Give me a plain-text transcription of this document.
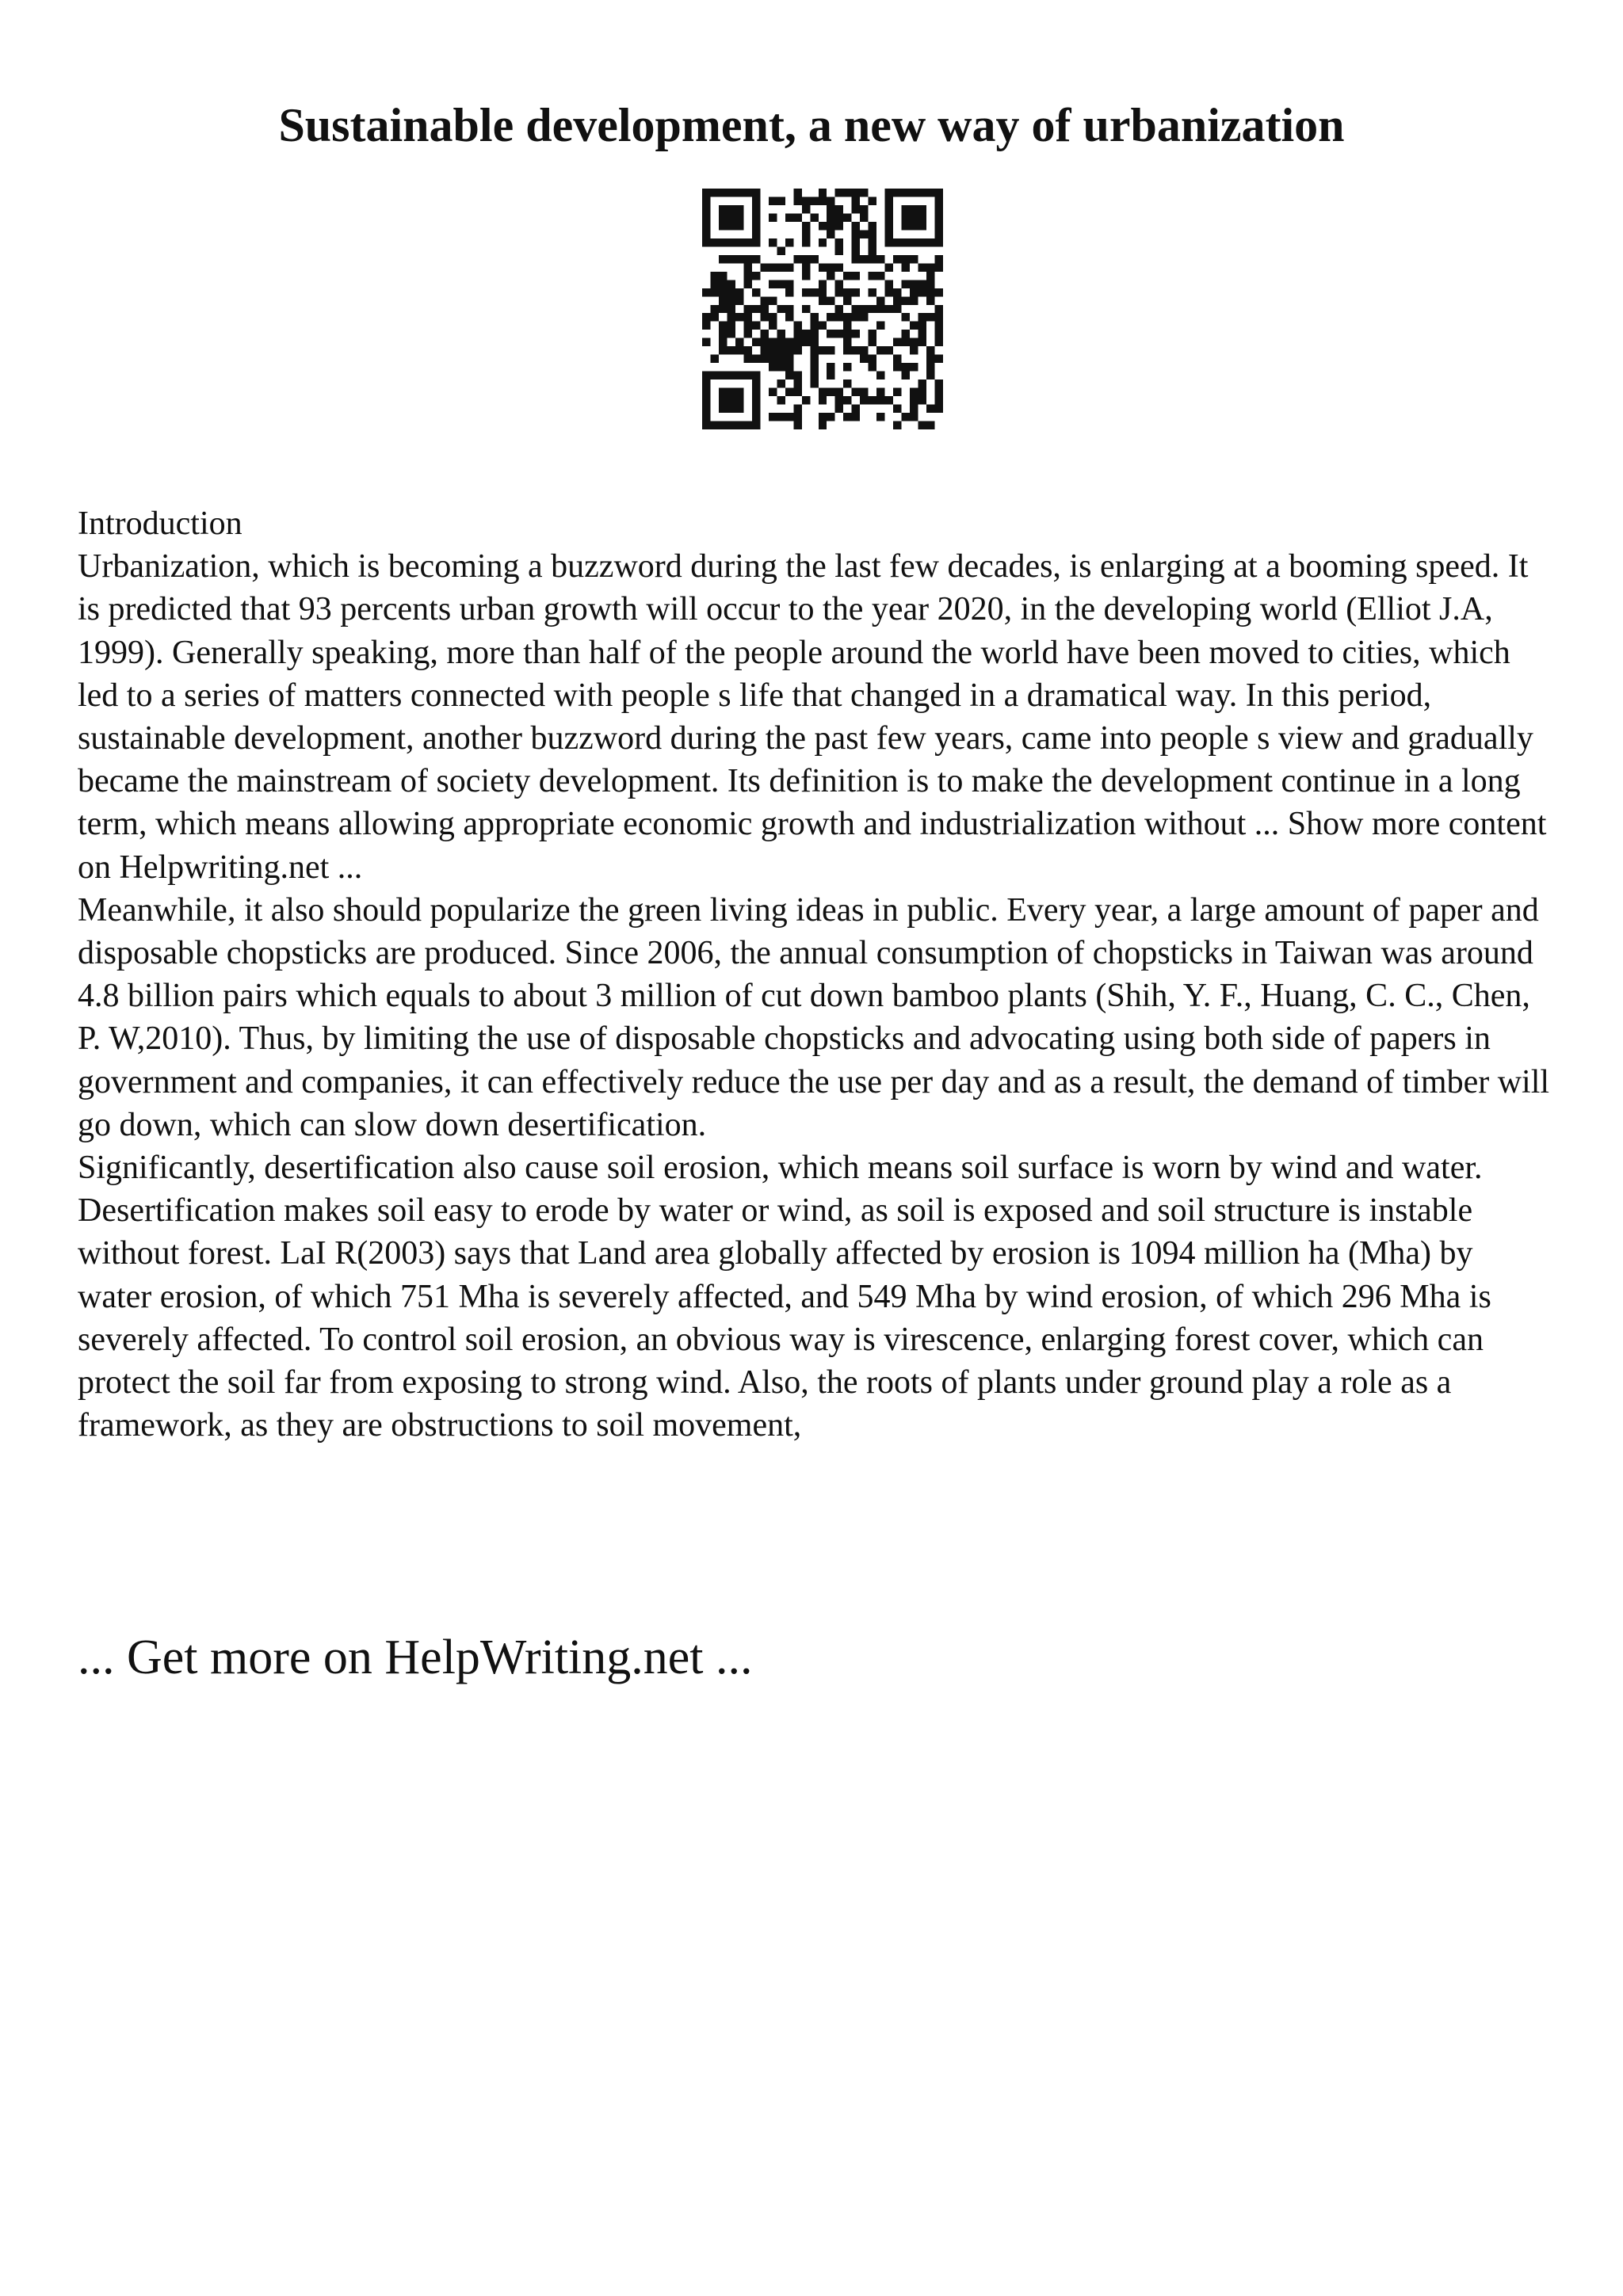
Sustainable development, a new way of urbanization

Introduction

Urbanization, which is becoming a buzzword during the last few decades, is enlarging at a booming speed. It is predicted that 93 percents urban growth will occur to the year 2020, in the developing world (Elliot J.A, 1999). Generally speaking, more than half of the people around the world have been moved to cities, which led to a series of matters connected with people s life that changed in a dramatical way. In this period, sustainable development, another buzzword during the past few years, came into people s view and gradually became the mainstream of society development. Its definition is to make the development continue in a long term, which means allowing appropriate economic growth and industrialization without ... Show more content on Helpwriting.net ...

Meanwhile, it also should popularize the green living ideas in public. Every year, a large amount of paper and disposable chopsticks are produced. Since 2006, the annual consumption of chopsticks in Taiwan was around 4.8 billion pairs which equals to about 3 million of cut down bamboo plants (Shih, Y. F., Huang, C. C., Chen, P. W,2010). Thus, by limiting the use of disposable chopsticks and advocating using both side of papers in government and companies, it can effectively reduce the use per day and as a result, the demand of timber will go down, which can slow down desertification.

Significantly, desertification also cause soil erosion, which means soil surface is worn by wind and water. Desertification makes soil easy to erode by water or wind, as soil is exposed and soil structure is instable without forest. LaI R(2003) says that Land area globally affected by erosion is 1094 million ha (Mha) by water erosion, of which 751 Mha is severely affected, and 549 Mha by wind erosion, of which 296 Mha is severely affected. To control soil erosion, an obvious way is virescence, enlarging forest cover, which can protect the soil far from exposing to strong wind. Also, the roots of plants under ground play a role as a framework, as they are obstructions to soil movement,

... Get more on HelpWriting.net ...
